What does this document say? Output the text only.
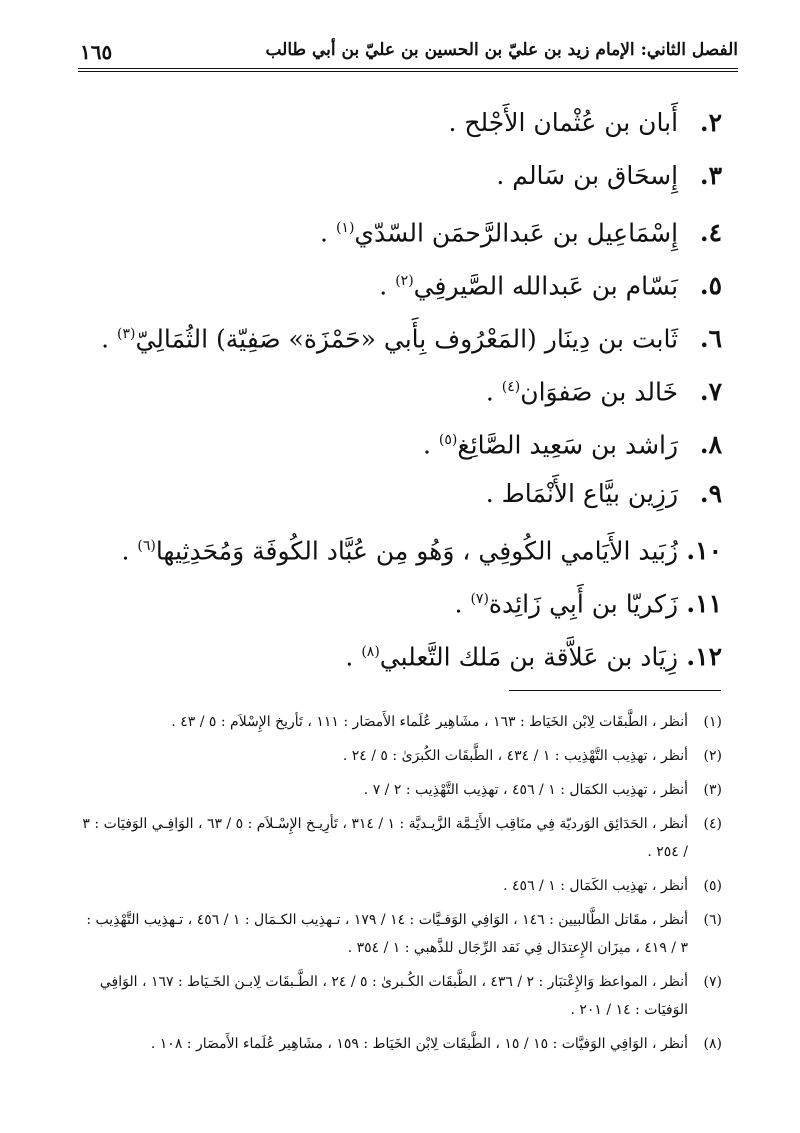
الفصل الثاني: الإمام زيد بن عليّ بن الحسين بن عليّ بن أبي طالب
١٦٥
٢. أَبان بن عُثْمان الأَجْلح .
٣. إِسحَاق بن سَالم .
٤. إِسْمَاعِيل بن عَبدالرَّحمَن السّدّي$^{(١)}$ .
٥. بَسّام بن عَبدالله الصَّيرفِي$^{(٢)}$ .
٦. ثَابت بن دِينَار (المَعْرُوف بِأَبي «حَمْزَة» صَفِيّة) الثُمَالِيّ$^{(٣)}$ .
٧. خَالد بن صَفوَان$^{(٤)}$ .
٨. رَاشد بن سَعِيد الصَّائِغ$^{(٥)}$ .
٩. رَزِين بيَّاع الأَنْمَاط .
١٠. زُبَيد الأَيَامي الكُوفِي ، وَهُو مِن عُبَّاد الكُوفَة وَمُحَدِثِيها$^{(٦)}$ .
١١. زَكريّا بن أَبِي زَائِدة$^{(٧)}$ .
١٢. زِيَاد بن عَلاَّقة بن مَلك التَّعلبي$^{(٨)}$ .
(١)
أنظر ، الطَّبقَات لِابْن الخَيَاط : ١٦٣ ، مشَاهِير عُلَماء الأَمصَار : ١١١ ، تَأريخ الإِسْلاَم : ٥ / ٤٣ .
(٢)
أنظر ، تهذِيب التَّهْذِيب : ١ / ٤٣٤ ، الطَّبقَات الكُبرَىٰ : ٥ / ٢٤ .
(٣)
أنظر ، تهذِيب الكمَال : ١ / ٤٥٦ ، تهذِيب التَّهْذِيب : ٢ / ٧ .
(٤)
أنظر ، الحَدَائِق الوَرديّة فِي منَاقِب الأَئِـمَّة الزَّيـديَّة : ١ / ٣١٤ ، تَأرِيـخ الإِسْـلاَم : ٥ / ٦٣ ، الوَافِـي الوَفيَات : ٣ / ٢٥٤ .
(٥)
أنظر ، تهذِيب الكَمَال : ١ / ٤٥٦ .
(٦)
أنظر ، مقَاتل الطَّالبيين : ١٤٦ ، الوَافِي الوَفـيَّات : ١٤ / ١٧٩ ، تـهذِيب الكـمَال : ١ / ٤٥٦ ، تـهذِيب التَّهْذِيب : ٣ / ٤١٩ ، ميزَان الإِعتدَال فِي نَقد الرِّجَال للذَّهبي : ١ / ٣٥٤ .
(٧)
أنظر ، المواعظ وَالإِعْتبَار : ٢ / ٤٣٦ ، الطَّبقَات الكُـبرىٰ : ٥ / ٢٤ ، الطَّـبقَات لِابـن الخَـيَاط : ١٦٧ ، الوَافِي الوَفيَات : ١٤ / ٢٠١ .
(٨)
أنظر ، الوَافِي الوَفيَّات : ١٥ / ١٥ ، الطَّبقَات لِابْن الخَيَاط : ١٥٩ ، مشَاهِير عُلَماء الأَمصَار : ١٠٨ .
